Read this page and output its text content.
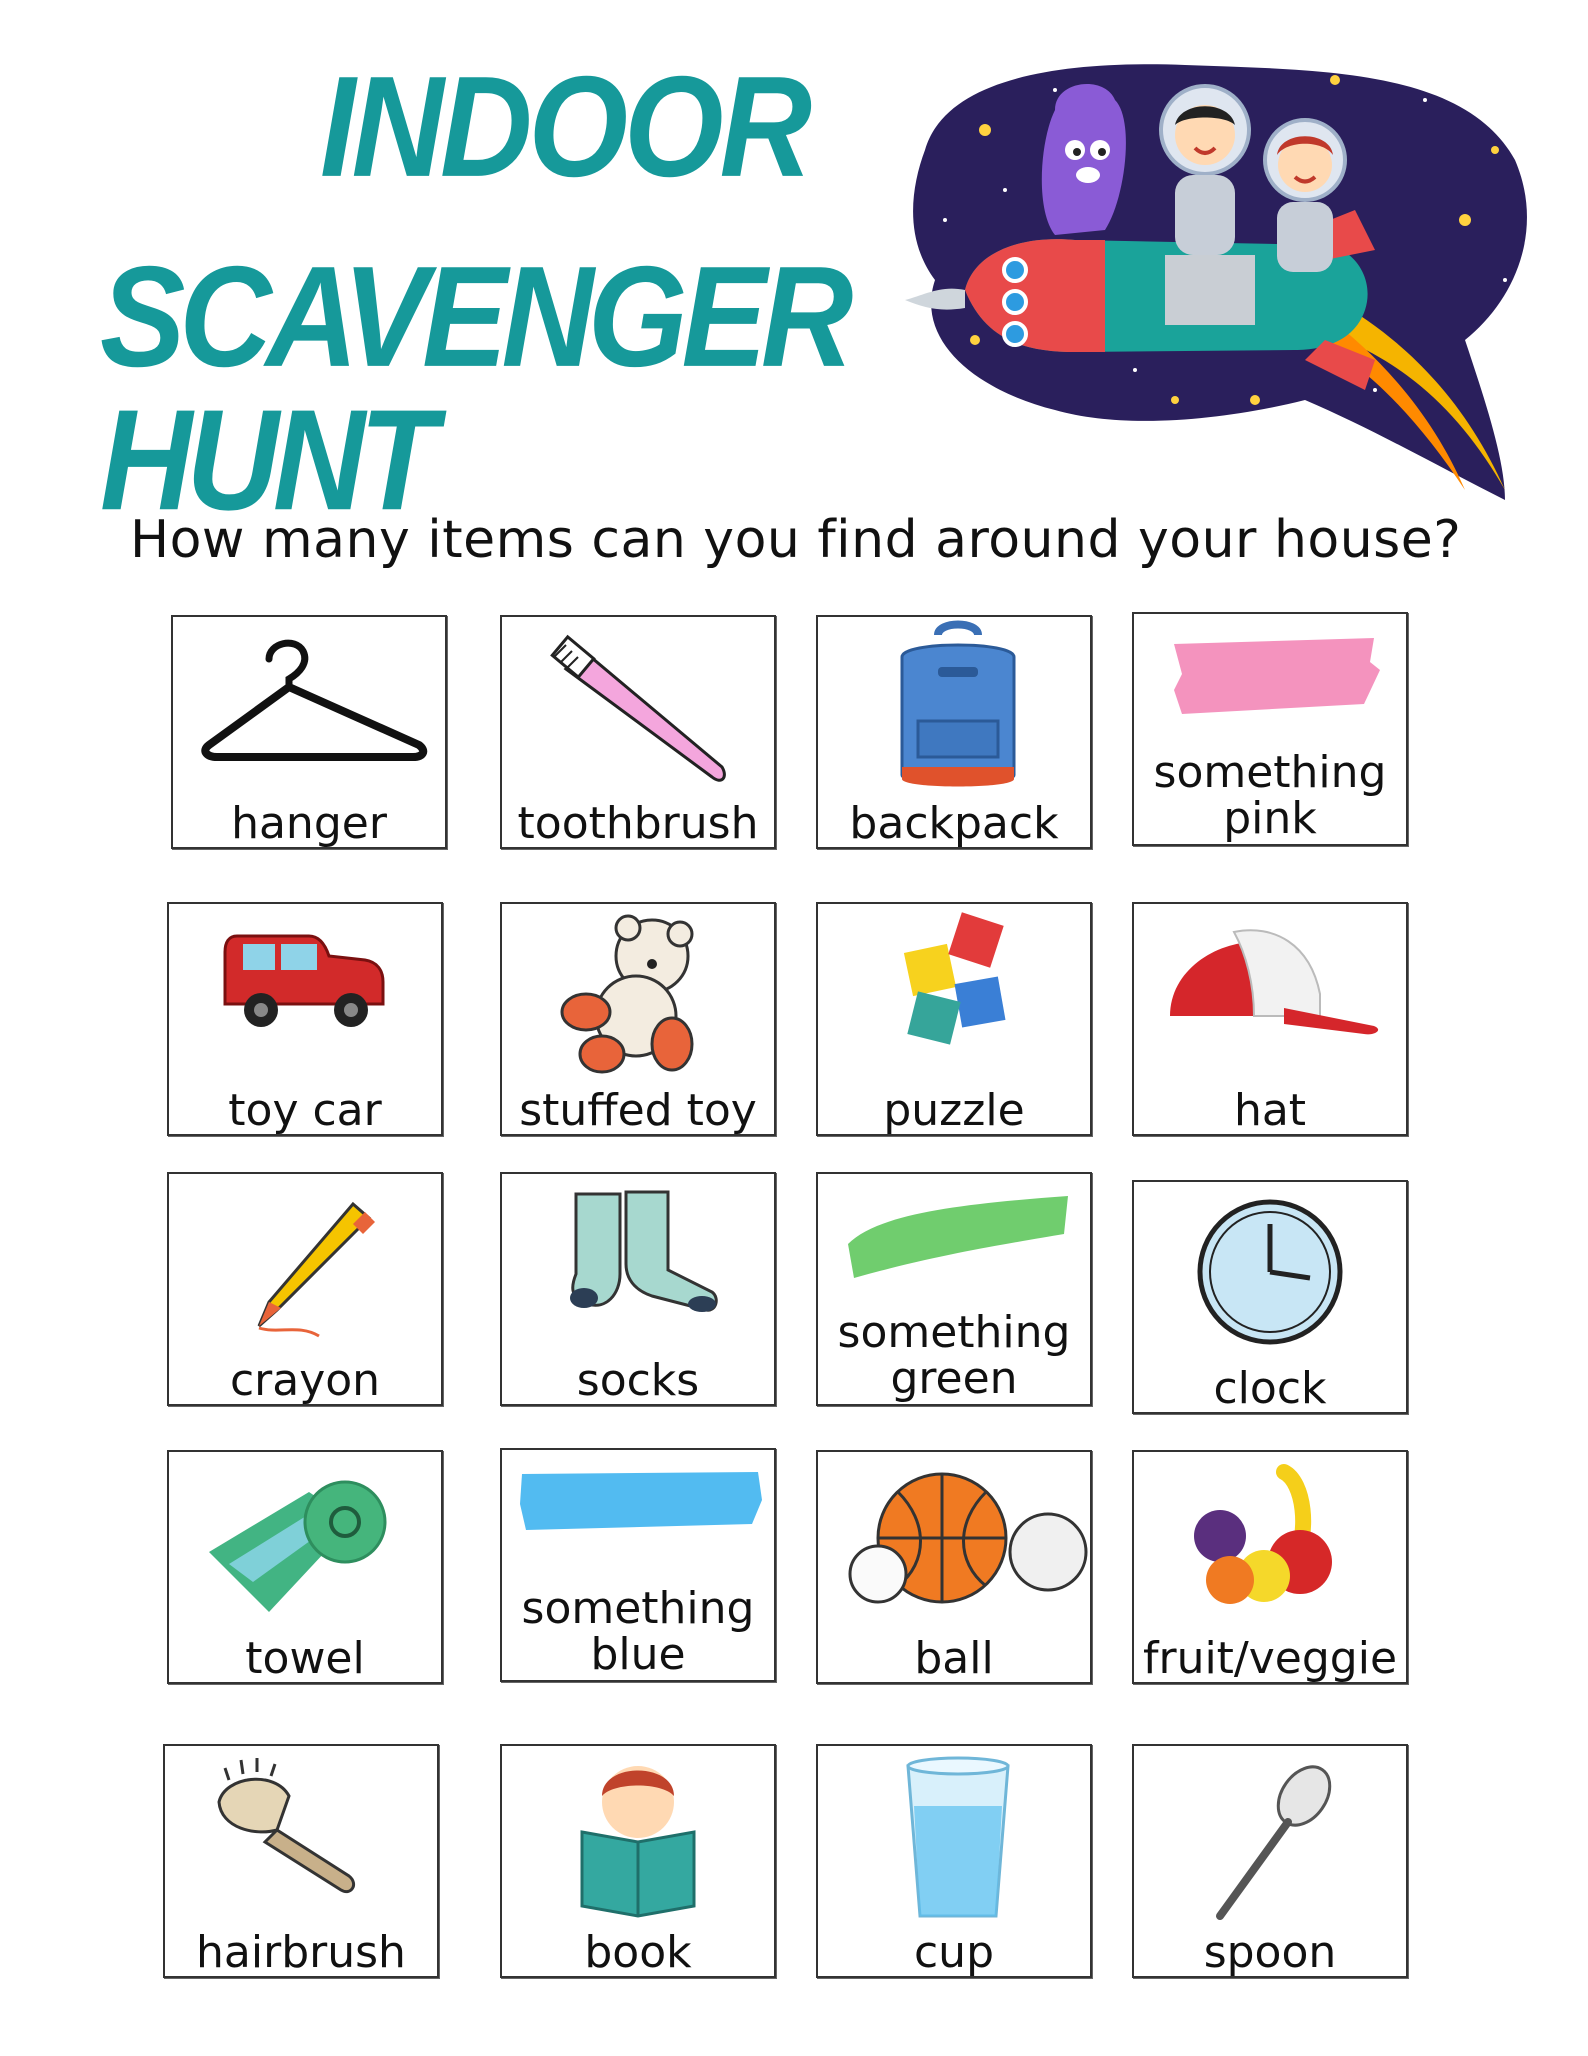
INDOOR
SCAVENGER HUNT
How many items can you find around your house?
hanger	toothbrush	backpack
something
pink
toy car	stuffed toy	puzzle	hat
crayon	socks
something
green	clock
towel
something
blue	ball	fruit/veggie
hairbrush	book	cup	spoon
